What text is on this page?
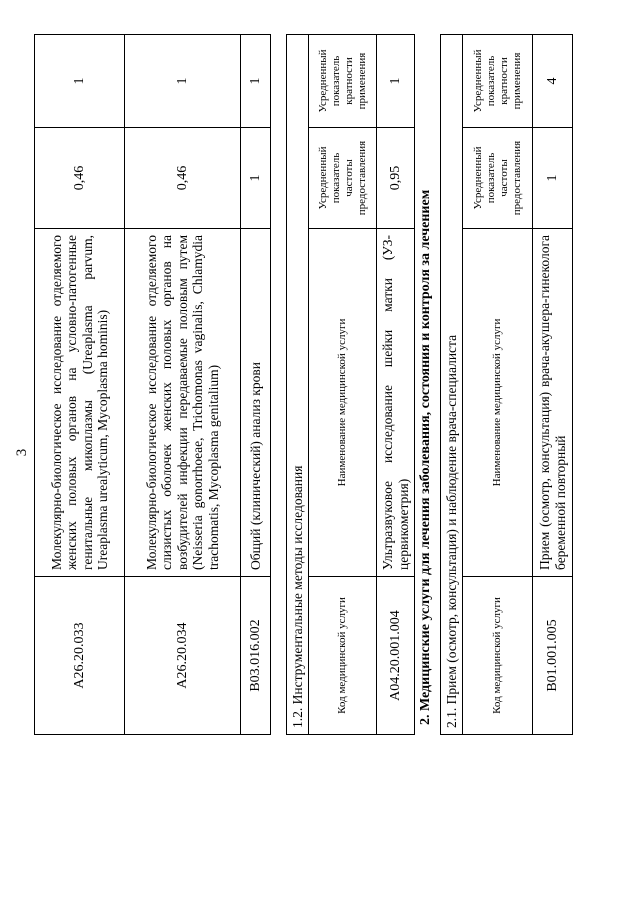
3
A26.20.033	Молекулярно-биологическое исследование отделяемого женских половых органов на условно-патогенные генитальные микоплазмы (Ureaplasma parvum, Ureaplasma urealyticum, Mycoplasma hominis)	0,46	1
A26.20.034	Молекулярно-биологическое исследование отделяемого слизистых оболочек женских половых органов на возбудителей инфекции передаваемые половым путем (Neisseria gonorrhoeae, Trichomonas vaginalis, Chlamydia trachomatis, Mycoplasma genitalium)	0,46	1
B03.016.002	Общий (клинический) анализ крови	1	1
1.2. Инструментальные методы исследования			
Код медицинской услуги	Наименование медицинской услуги	Усредненный показатель частоты предоставления	Усредненный показатель кратности применения
A04.20.001.004	Ультразвуковое исследование шейки матки (УЗ-цервикометрия)	0,95	1
2. Медицинские услуги для лечения заболевания, состояния и контроля за лечением 2.1. Прием (осмотр, консультация) и наблюдение врача-специалиста			
Код медицинской услуги	Наименование медицинской услуги	Усредненный показатель частоты предоставления	Усредненный показатель кратности применения
B01.001.005	Прием (осмотр, консультация) врача-акушера-гинеколога беременной повторный	1	4
